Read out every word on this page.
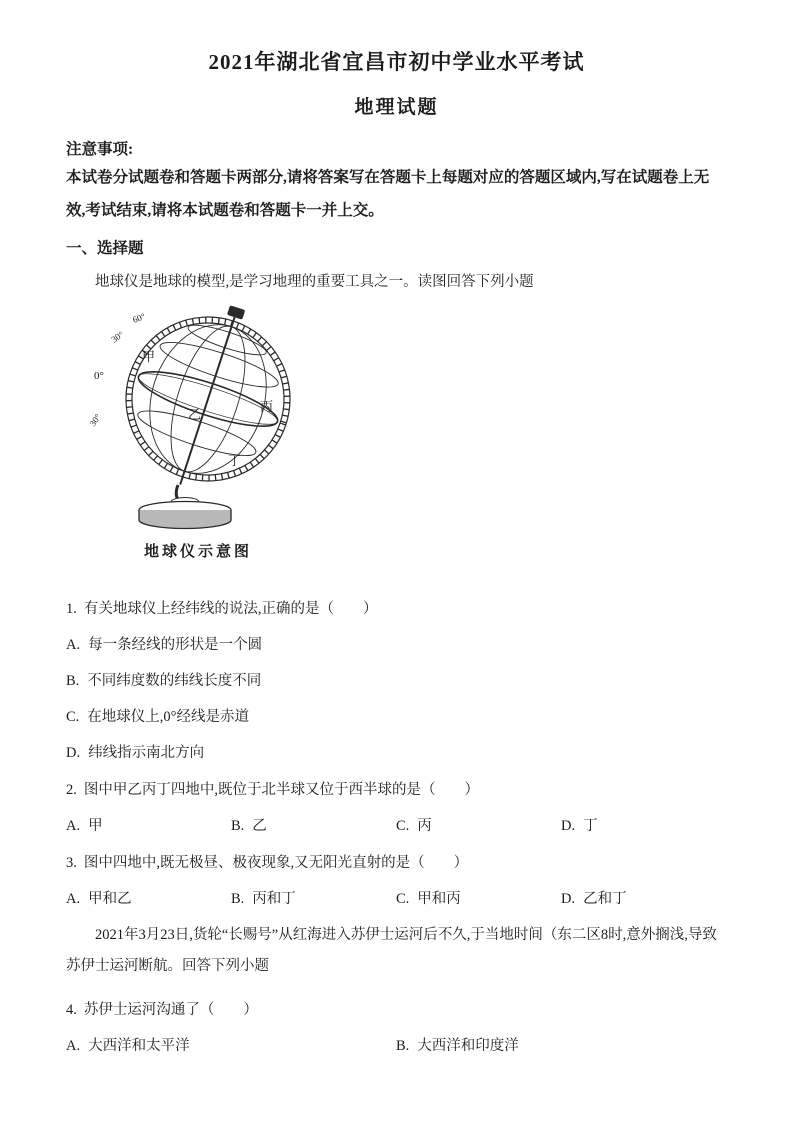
2021年湖北省宜昌市初中学业水平考试
地理试题
注意事项:
本试卷分试题卷和答题卡两部分,请将答案写在答题卡上每题对应的答题区域内,写在试题卷上无效,考试结束,请将本试题卷和答题卡一并上交。
一、选择题
地球仪是地球的模型,是学习地理的重要工具之一。读图回答下列小题
30°
60°
0°
30°
甲
乙
丙
丁
地球仪示意图
1. 有关地球仪上经纬线的说法,正确的是（　　）
A. 每一条经线的形状是一个圆
B. 不同纬度数的纬线长度不同
C. 在地球仪上,0°经线是赤道
D. 纬线指示南北方向
2. 图中甲乙丙丁四地中,既位于北半球又位于西半球的是（　　）
A. 甲	B. 乙	C. 丙	D. 丁
3. 图中四地中,既无极昼、极夜现象,又无阳光直射的是（　　）
A. 甲和乙	B. 丙和丁	C. 甲和丙	D. 乙和丁
2021年3月23日,货轮“长赐号”从红海进入苏伊士运河后不久,于当地时间（东二区8时,意外搁浅,导致苏伊士运河断航。回答下列小题
4. 苏伊士运河沟通了（　　）
A. 大西洋和太平洋	B. 大西洋和印度洋
